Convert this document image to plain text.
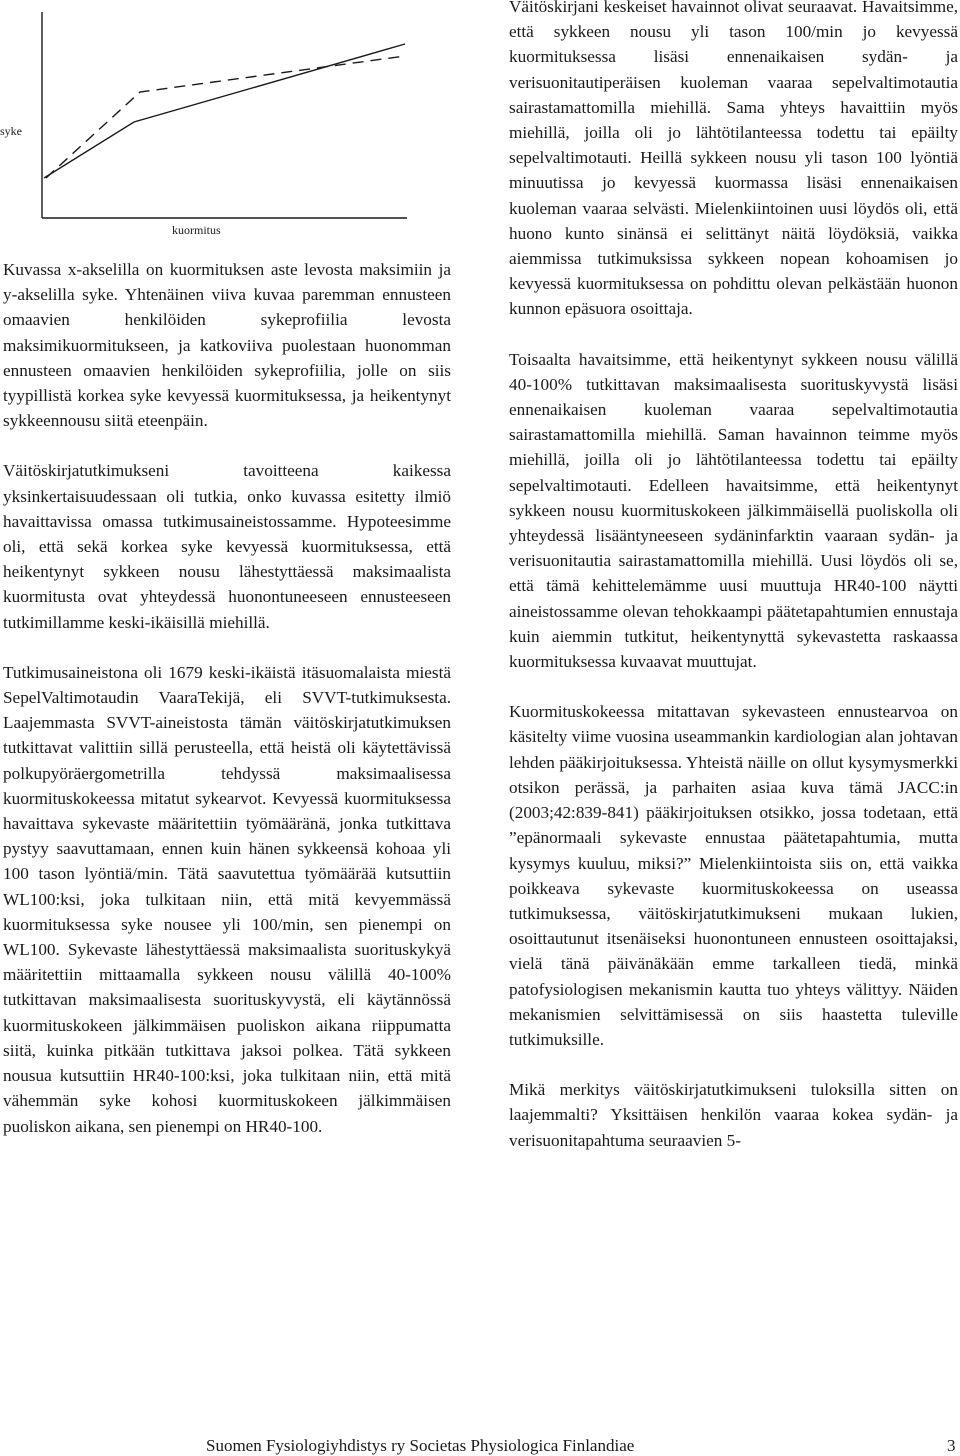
syke
kuormitus

Kuvassa x-akselilla on kuormituksen aste levosta maksimiin ja y-akselilla syke. Yhtenäinen viiva kuvaa paremman ennusteen omaavien henkilöiden sykeprofiilia levosta maksimikuormitukseen, ja katkoviiva puolestaan huonomman ennusteen omaavien henkilöiden sykeprofiilia, jolle on siis tyypillistä korkea syke kevyessä kuormituksessa, ja heikentynyt sykkeennousu siitä eteenpäin.

Väitöskirjatutkimukseni tavoitteena kaikessa yksinkertaisuudessaan oli tutkia, onko kuvassa esitetty ilmiö havaittavissa omassa tutkimusaineistossamme. Hypoteesimme oli, että sekä korkea syke kevyessä kuormituksessa, että heikentynyt sykkeen nousu lähestyttäessä maksimaalista kuormitusta ovat yhteydessä huonontuneeseen ennusteeseen tutkimillamme keski-ikäisillä miehillä.

Tutkimusaineistona oli 1679 keski-ikäistä itäsuomalaista miestä SepelValtimotaudin VaaraTekijä, eli SVVT-tutkimuksesta. Laajemmasta SVVT-aineistosta tämän väitöskirjatutkimuksen tutkittavat valittiin sillä perusteella, että heistä oli käytettävissä polkupyöräergometrilla tehdyssä maksimaalisessa kuormituskokeessa mitatut sykearvot. Kevyessä kuormituksessa havaittava sykevaste määritettiin työmääränä, jonka tutkittava pystyy saavuttamaan, ennen kuin hänen sykkeensä kohoaa yli 100 tason lyöntiä/min. Tätä saavutettua työmäärää kutsuttiin WL100:ksi, joka tulkitaan niin, että mitä kevyemmässä kuormituksessa syke nousee yli 100/min, sen pienempi on WL100. Sykevaste lähestyttäessä maksimaalista suorituskykyä määritettiin mittaamalla sykkeen nousu välillä 40-100% tutkittavan maksimaalisesta suorituskyvystä, eli käytännössä kuormituskokeen jälkimmäisen puoliskon aikana riippumatta siitä, kuinka pitkään tutkittava jaksoi polkea. Tätä sykkeen nousua kutsuttiin HR40-100:ksi, joka tulkitaan niin, että mitä vähemmän syke kohosi kuormituskokeen jälkimmäisen puoliskon aikana, sen pienempi on HR40-100.

Väitöskirjani keskeiset havainnot olivat seuraavat. Havaitsimme, että sykkeen nousu yli tason 100/min jo kevyessä kuormituksessa lisäsi ennenaikaisen sydän- ja verisuonitautiperäisen kuoleman vaaraa sepelvaltimotautia sairastamattomilla miehillä. Sama yhteys havaittiin myös miehillä, joilla oli jo lähtötilanteessa todettu tai epäilty sepelvaltimotauti. Heillä sykkeen nousu yli tason 100 lyöntiä minuutissa jo kevyessä kuormassa lisäsi ennenaikaisen kuoleman vaaraa selvästi. Mielenkiintoinen uusi löydös oli, että huono kunto sinänsä ei selittänyt näitä löydöksiä, vaikka aiemmissa tutkimuksissa sykkeen nopean kohoamisen jo kevyessä kuormituksessa on pohdittu olevan pelkästään huonon kunnon epäsuora osoittaja.

Toisaalta havaitsimme, että heikentynyt sykkeen nousu välillä 40-100% tutkittavan maksimaalisesta suorituskyvystä lisäsi ennenaikaisen kuoleman vaaraa sepelvaltimotautia sairastamattomilla miehillä. Saman havainnon teimme myös miehillä, joilla oli jo lähtötilanteessa todettu tai epäilty sepelvaltimotauti. Edelleen havaitsimme, että heikentynyt sykkeen nousu kuormituskokeen jälkimmäisellä puoliskolla oli yhteydessä lisääntyneeseen sydäninfarktin vaaraan sydän- ja verisuonitautia sairastamattomilla miehillä. Uusi löydös oli se, että tämä kehittelemämme uusi muuttuja HR40-100 näytti aineistossamme olevan tehokkaampi päätetapahtumien ennustaja kuin aiemmin tutkitut, heikentynyttä sykevastetta raskaassa kuormituksessa kuvaavat muuttujat.

Kuormituskokeessa mitattavan sykevasteen ennustearvoa on käsitelty viime vuosina useammankin kardiologian alan johtavan lehden pääkirjoituksessa. Yhteistä näille on ollut kysymysmerkki otsikon perässä, ja parhaiten asiaa kuva tämä JACC:in (2003;42:839-841) pääkirjoituksen otsikko, jossa todetaan, että ”epänormaali sykevaste ennustaa päätetapahtumia, mutta kysymys kuuluu, miksi?” Mielenkiintoista siis on, että vaikka poikkeava sykevaste kuormituskokeessa on useassa tutkimuksessa, väitöskirjatutkimukseni mukaan lukien, osoittautunut itsenäiseksi huonontuneen ennusteen osoittajaksi, vielä tänä päivänäkään emme tarkalleen tiedä, minkä patofysiologisen mekanismin kautta tuo yhteys välittyy. Näiden mekanismien selvittämisessä on siis haastetta tuleville tutkimuksille.

Mikä merkitys väitöskirjatutkimukseni tuloksilla sitten on laajemmalti? Yksittäisen henkilön vaaraa kokea sydän- ja verisuonitapahtuma seuraavien 5-

Suomen Fysiologiyhdistys ry Societas Physiologica Finlandiae	3
